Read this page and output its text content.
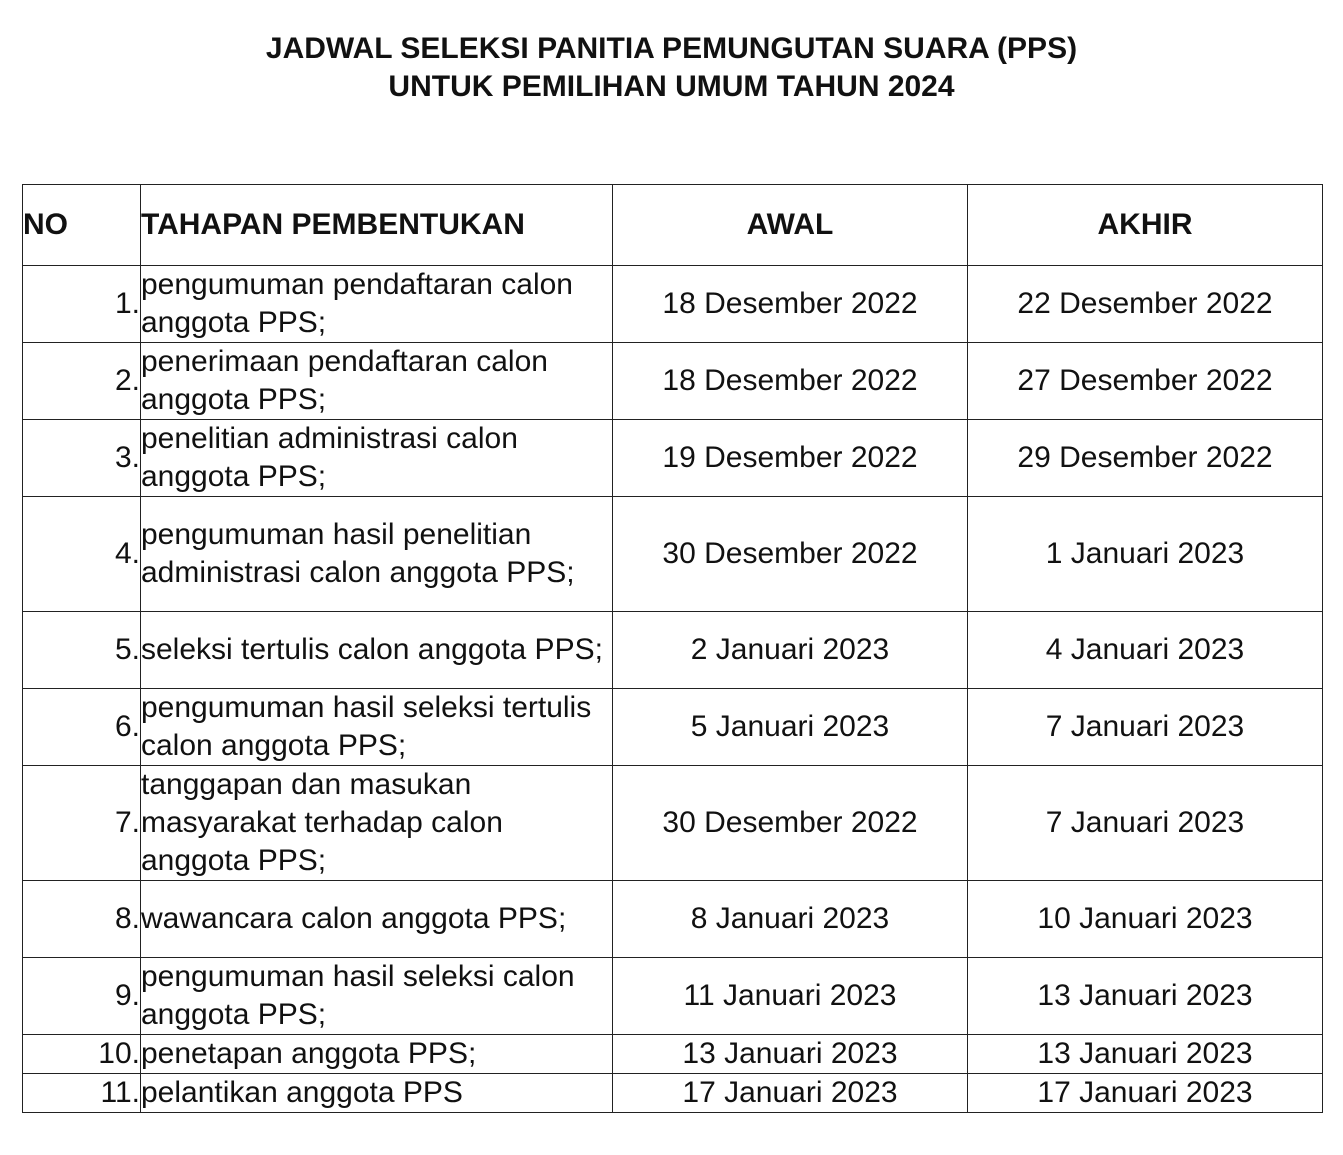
JADWAL SELEKSI PANITIA PEMUNGUTAN SUARA (PPS)
UNTUK PEMILIHAN UMUM TAHUN 2024
NO	TAHAPAN PEMBENTUKAN	AWAL	AKHIR
1.	pengumuman pendaftaran calon anggota PPS;	18 Desember 2022	22 Desember 2022
2.	penerimaan pendaftaran calon anggota PPS;	18 Desember 2022	27 Desember 2022
3.	penelitian administrasi calon anggota PPS;	19 Desember 2022	29 Desember 2022
4.	pengumuman hasil penelitian administrasi calon anggota PPS;	30 Desember 2022	1 Januari 2023
5.	seleksi tertulis calon anggota PPS;	2 Januari 2023	4 Januari 2023
6.	pengumuman hasil seleksi tertulis calon anggota PPS;	5 Januari 2023	7 Januari 2023
7.	tanggapan dan masukan masyarakat terhadap calon anggota PPS;	30 Desember 2022	7 Januari 2023
8.	wawancara calon anggota PPS;	8 Januari 2023	10 Januari 2023
9.	pengumuman hasil seleksi calon anggota PPS;	11 Januari 2023	13 Januari 2023
10.	penetapan anggota PPS;	13 Januari 2023	13 Januari 2023
11.	pelantikan anggota PPS	17 Januari 2023	17 Januari 2023
